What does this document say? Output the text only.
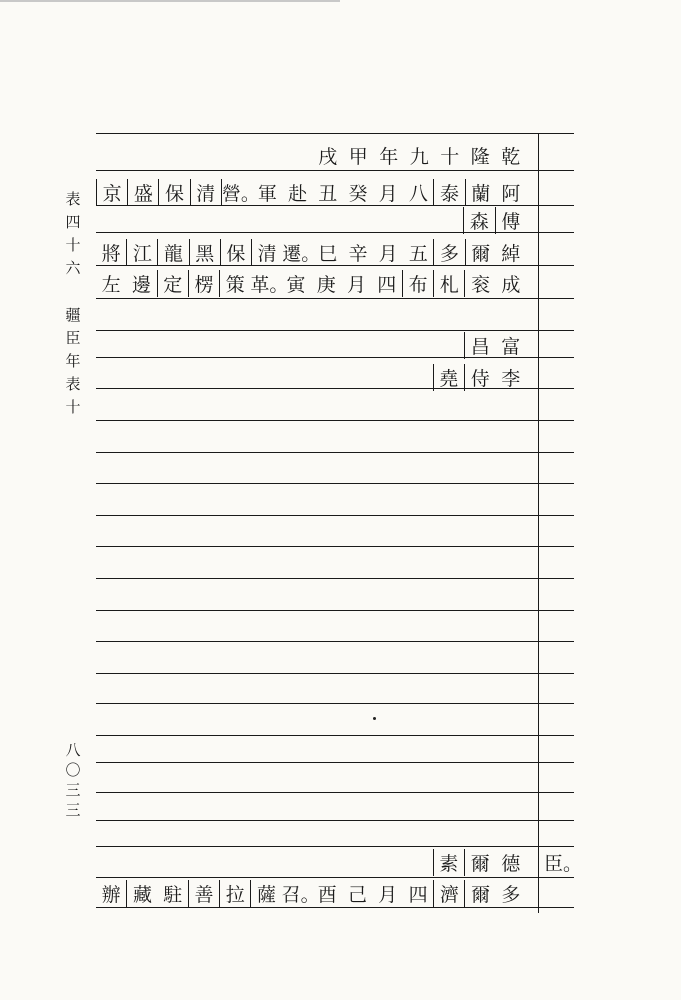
表
四
十
六
疆
臣
年
表
十
八
〇
三
三
乾
隆
十
九
年
甲
戌
阿
蘭
泰
八
月
癸
丑
赴
軍
營。
清
保
盛
京
傅
森
綽
爾
多
五
月
辛
巳
遷。
清
保
黑
龍
江
將
成
衮
札
布
四
月
庚
寅
革。
策
楞
定
邊
左
富
昌
李
侍
堯
德
爾
素
多
爾
濟
四
月
己
酉
召。
薩
拉
善
駐
藏
辦
臣。
